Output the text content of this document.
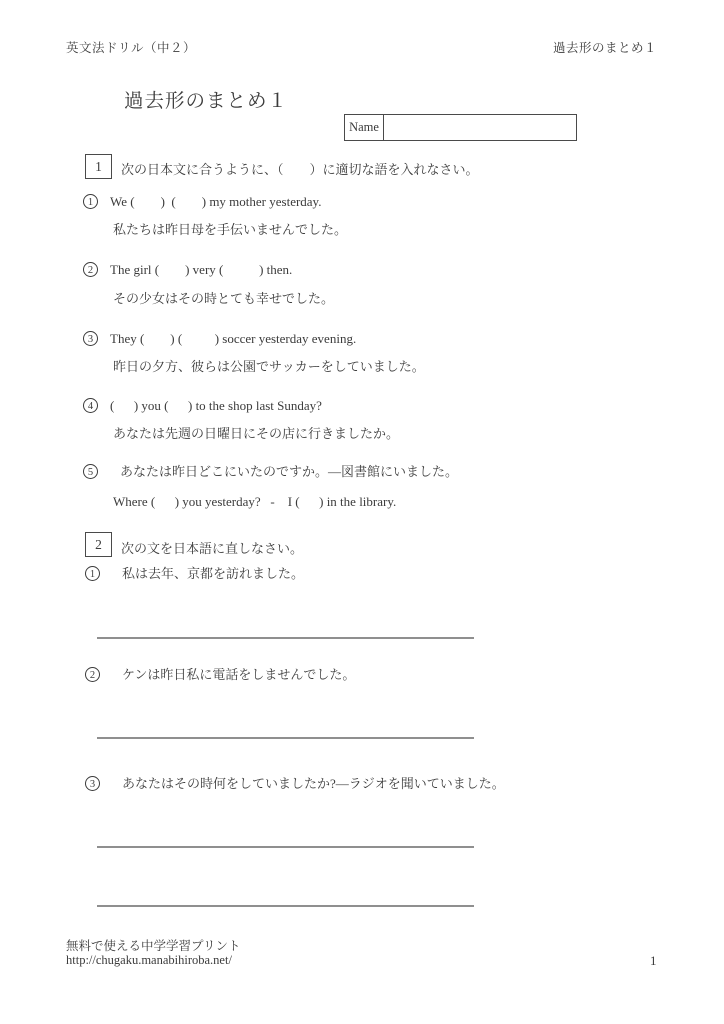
英文法ドリル（中２）	過去形のまとめ１
過去形のまとめ１
Name
1	次の日本文に合うように、（　　）に適切な語を入れなさい。
1	We (        )  (        ) my mother yesterday.
私たちは昨日母を手伝いませんでした。
2	The girl (        ) very (           ) then.
その少女はその時とても幸せでした。
3	They (        ) (          ) soccer yesterday evening.
昨日の夕方、彼らは公園でサッカーをしていました。
4	(      ) you (      ) to the shop last Sunday?
あなたは先週の日曜日にその店に行きましたか。
5	あなたは昨日どこにいたのですか。―図書館にいました。
Where (      ) you yesterday?   -    I (      ) in the library.
2	次の文を日本語に直しなさい。
1	私は去年、京都を訪れました。
2	ケンは昨日私に電話をしませんでした。
3	あなたはその時何をしていましたか?―ラジオを聞いていました。
無料で使える中学学習プリント
http://chugaku.manabihiroba.net/	1
